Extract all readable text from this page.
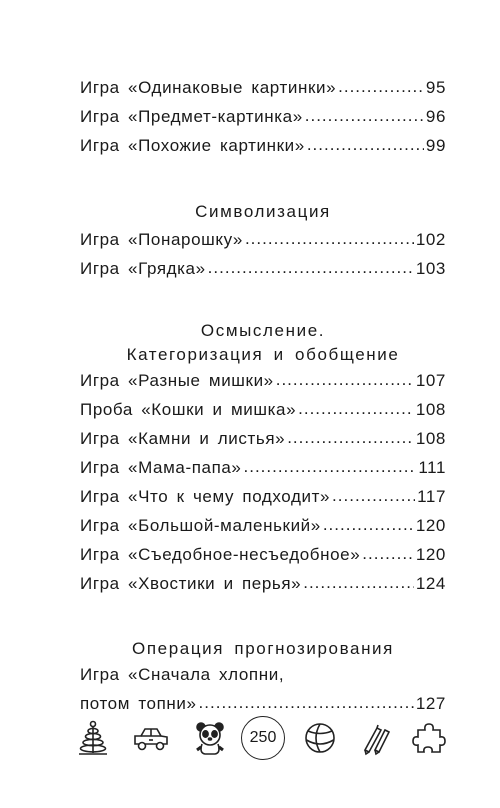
Игра «Одинаковые картинки» .....	95
Игра «Предмет-картинка» .....	96
Игра «Похожие картинки» .....	99
Символизация
Игра «Понарошку» .....	102
Игра «Грядка» .....	103
Осмысление.
Категоризация и обобщение
Игра «Разные мишки» .....	107
Проба «Кошки и мишка» .....	108
Игра «Камни и листья» .....	108
Игра «Мама-папа» .....	111
Игра «Что к чему подходит» .....	117
Игра «Большой-маленький» .....	120
Игра «Съедобное-несъедобное» .....	120
Игра «Хвостики и перья» .....	124
Операция прогнозирования
Игра «Сначала хлопни,
потом топни» .....	127
250
